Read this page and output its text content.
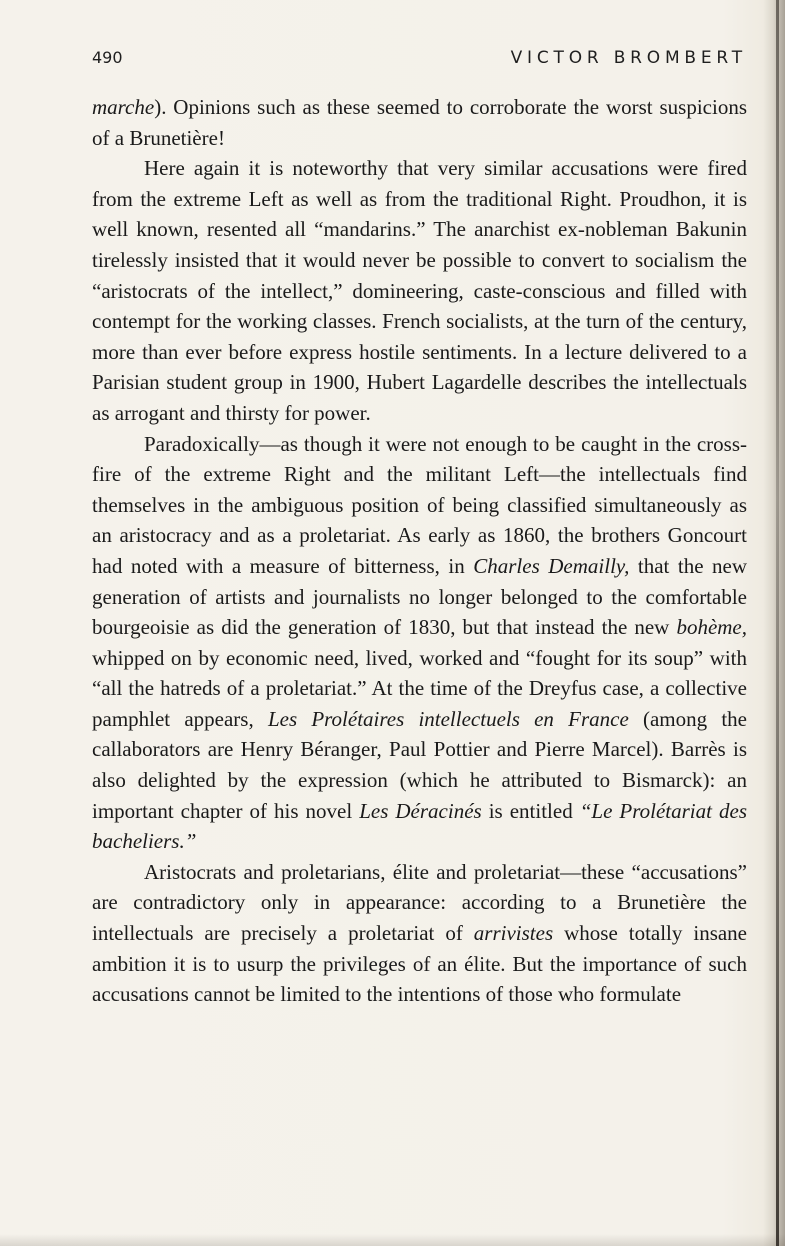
490	VICTOR BROMBERT

marche). Opinions such as these seemed to corroborate the worst suspicions of a Brunetière!

Here again it is noteworthy that very similar accusations were fired from the extreme Left as well as from the traditional Right. Proudhon, it is well known, resented all “mandarins.” The anarchist ex-nobleman Bakunin tirelessly insisted that it would never be possible to convert to socialism the “aristocrats of the intellect,” domineering, caste-conscious and filled with contempt for the working classes. French socialists, at the turn of the century, more than ever before express hostile sentiments. In a lecture delivered to a Parisian student group in 1900, Hubert Lagardelle describes the intellectuals as arrogant and thirsty for power.

Paradoxically—as though it were not enough to be caught in the cross-fire of the extreme Right and the militant Left—the intellectuals find themselves in the ambiguous position of being classified simultaneously as an aristocracy and as a proletariat. As early as 1860, the brothers Goncourt had noted with a measure of bitterness, in Charles Demailly, that the new generation of artists and journalists no longer belonged to the comfortable bourgeoisie as did the generation of 1830, but that instead the new bohème, whipped on by economic need, lived, worked and “fought for its soup” with “all the hatreds of a proletariat.” At the time of the Dreyfus case, a collective pamphlet appears, Les Prolétaires intellectuels en France (among the callaborators are Henry Béranger, Paul Pottier and Pierre Marcel). Barrès is also delighted by the expression (which he attributed to Bismarck): an important chapter of his novel Les Déracinés is entitled “Le Prolétariat des bacheliers.”

Aristocrats and proletarians, élite and proletariat—these “accusations” are contradictory only in appearance: according to a Brunetière the intellectuals are precisely a proletariat of arrivistes whose totally insane ambition it is to usurp the privileges of an élite. But the importance of such accusations cannot be limited to the intentions of those who formulate
